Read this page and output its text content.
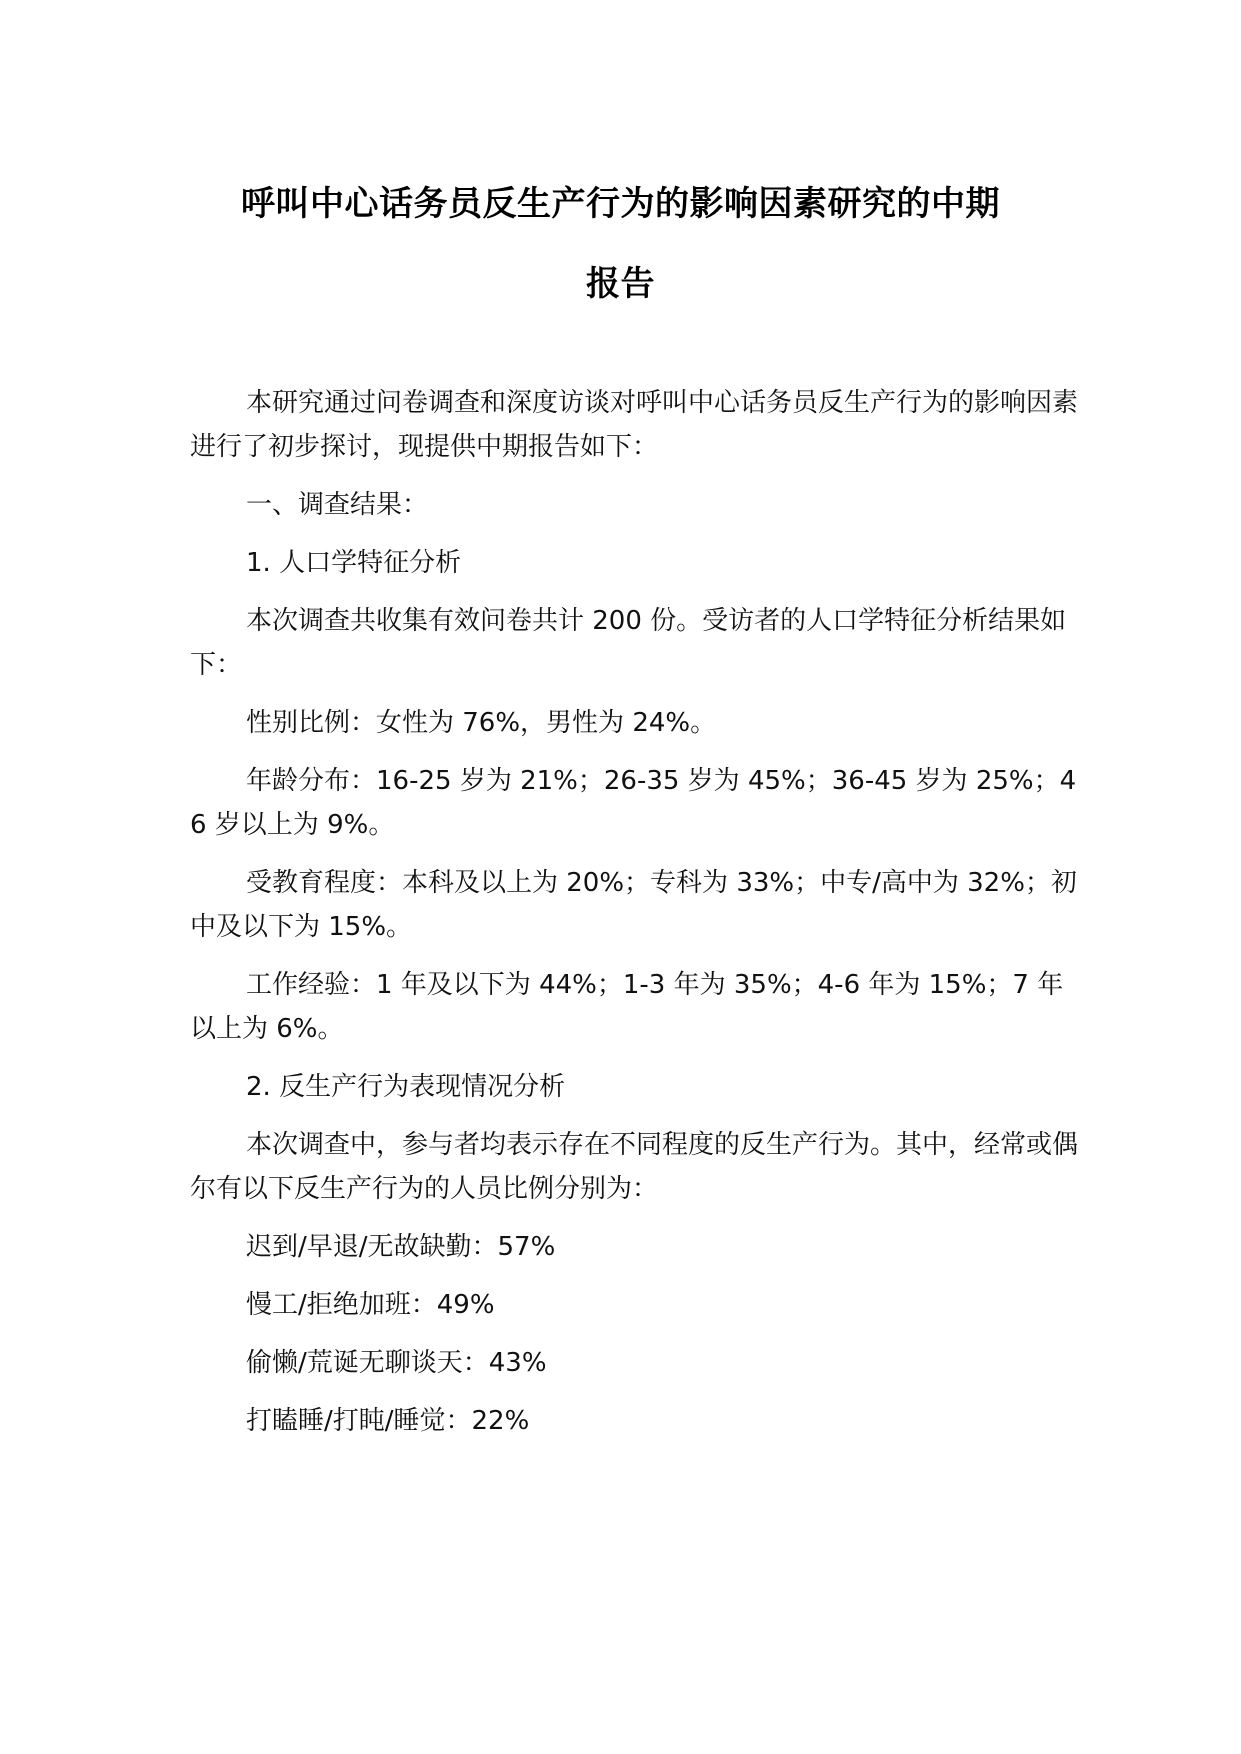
呼叫中心话务员反生产行为的影响因素研究的中期
报告

本研究通过问卷调查和深度访谈对呼叫中心话务员反生产行为的影响因素进行了初步探讨，现提供中期报告如下：

一、调查结果：
1. 人口学特征分析

本次调查共收集有效问卷共计 200 份。受访者的人口学特征分析结果如下：

性别比例：女性为 76%，男性为 24%。

年龄分布：16-25 岁为 21%；26-35 岁为 45%；36-45 岁为 25%；46 岁以上为 9%。

受教育程度：本科及以上为 20%；专科为 33%；中专/高中为 32%；初中及以下为 15%。

工作经验：1 年及以下为 44%；1-3 年为 35%；4-6 年为 15%；7 年以上为 6%。

2. 反生产行为表现情况分析

本次调查中，参与者均表示存在不同程度的反生产行为。其中，经常或偶尔有以下反生产行为的人员比例分别为：

迟到/早退/无故缺勤：57%
慢工/拒绝加班：49%
偷懒/荒诞无聊谈天：43%
打瞌睡/打盹/睡觉：22%
